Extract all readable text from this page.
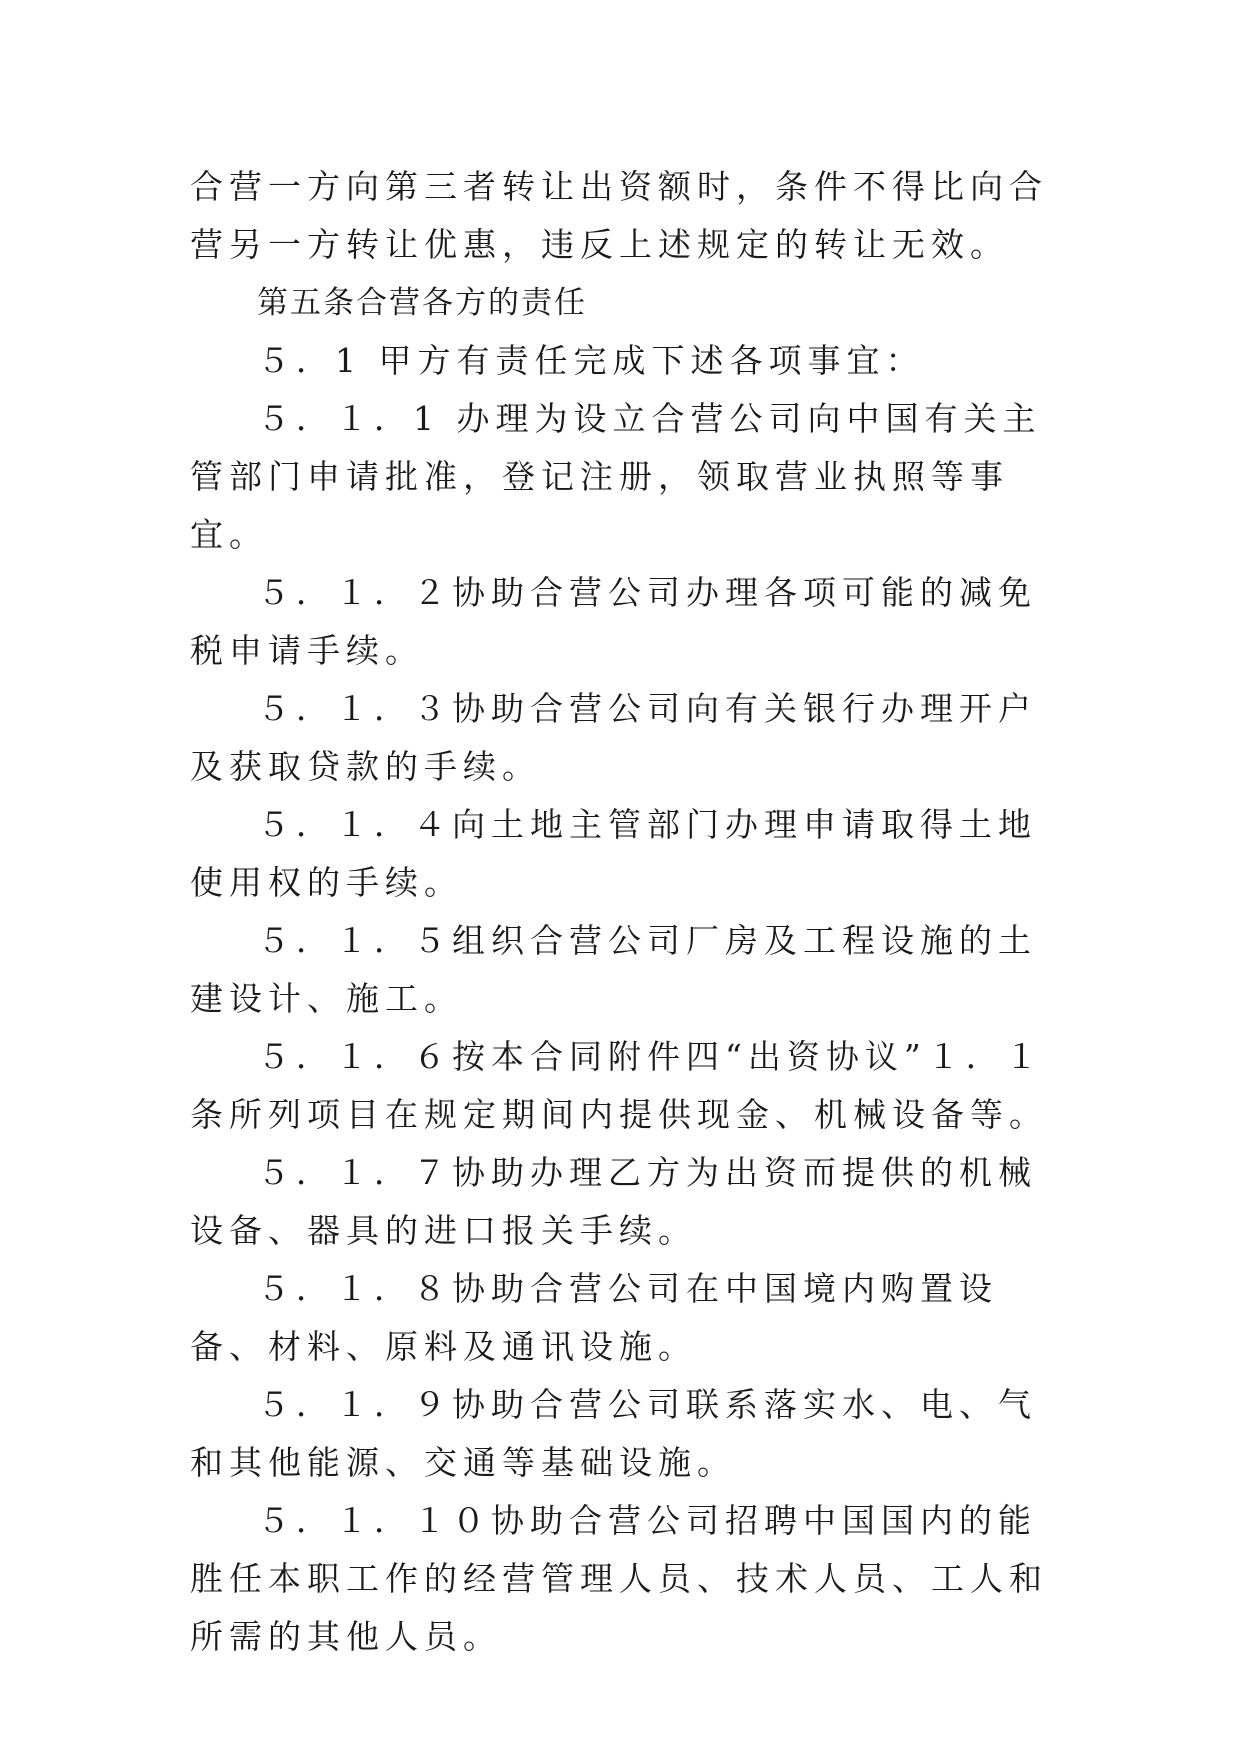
合营一方向第三者转让出资额时，条件不得比向合营另一方转让优惠，违反上述规定的转让无效。

第五条合营各方的责任

５．1 甲方有责任完成下述各项事宜：

５．１．1 办理为设立合营公司向中国有关主管部门申请批准，登记注册，领取营业执照等事宜。

５．１．２协助合营公司办理各项可能的减免税申请手续。

５．１．３协助合营公司向有关银行办理开户及获取贷款的手续。

５．１．４向土地主管部门办理申请取得土地使用权的手续。

５．１．５组织合营公司厂房及工程设施的土建设计、施工。

５．１．６按本合同附件四“出资协议”１．１条所列项目在规定期间内提供现金、机械设备等。

５．１．７协助办理乙方为出资而提供的机械设备、器具的进口报关手续。

５．１．８协助合营公司在中国境内购置设备、材料、原料及通讯设施。

５．１．９协助合营公司联系落实水、电、气和其他能源、交通等基础设施。

５．１．１０协助合营公司招聘中国国内的能胜任本职工作的经营管理人员、技术人员、工人和所需的其他人员。
